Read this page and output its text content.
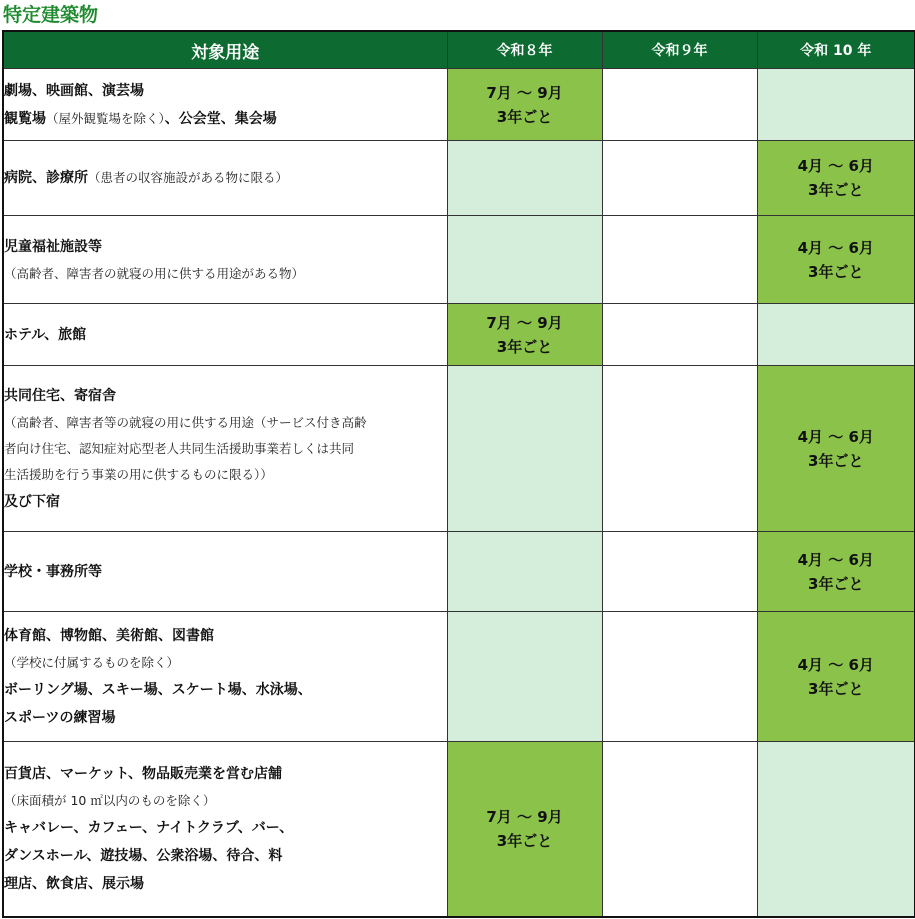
特定建築物
対象用途	令和８年	令和９年	令和 10 年

劇場、映画館、演芸場
観覧場（屋外観覧場を除く）、公会堂、集会場	7月 ～ 9月
3年ごと		

病院、診療所（患者の収容施設がある物に限る）			4月 ～ 6月
3年ごと

児童福祉施設等
（高齢者、障害者の就寝の用に供する用途がある物）			4月 ～ 6月
3年ごと

ホテル、旅館	7月 ～ 9月
3年ごと		

共同住宅、寄宿舎
（高齢者、障害者等の就寝の用に供する用途（サービス付き高齢
者向け住宅、認知症対応型老人共同生活援助事業若しくは共同
生活援助を行う事業の用に供するものに限る））
及び下宿			4月 ～ 6月
3年ごと

学校・事務所等			4月 ～ 6月
3年ごと

体育館、博物館、美術館、図書館
（学校に付属するものを除く）
ボーリング場、スキー場、スケート場、水泳場、
スポーツの練習場			4月 ～ 6月
3年ごと

百貨店、マーケット、物品販売業を営む店舗
（床面積が 10 ㎡以内のものを除く）
キャバレー、カフェー、ナイトクラブ、バー、
ダンスホール、遊技場、公衆浴場、待合、料
理店、飲食店、展示場	7月 ～ 9月
3年ごと		
